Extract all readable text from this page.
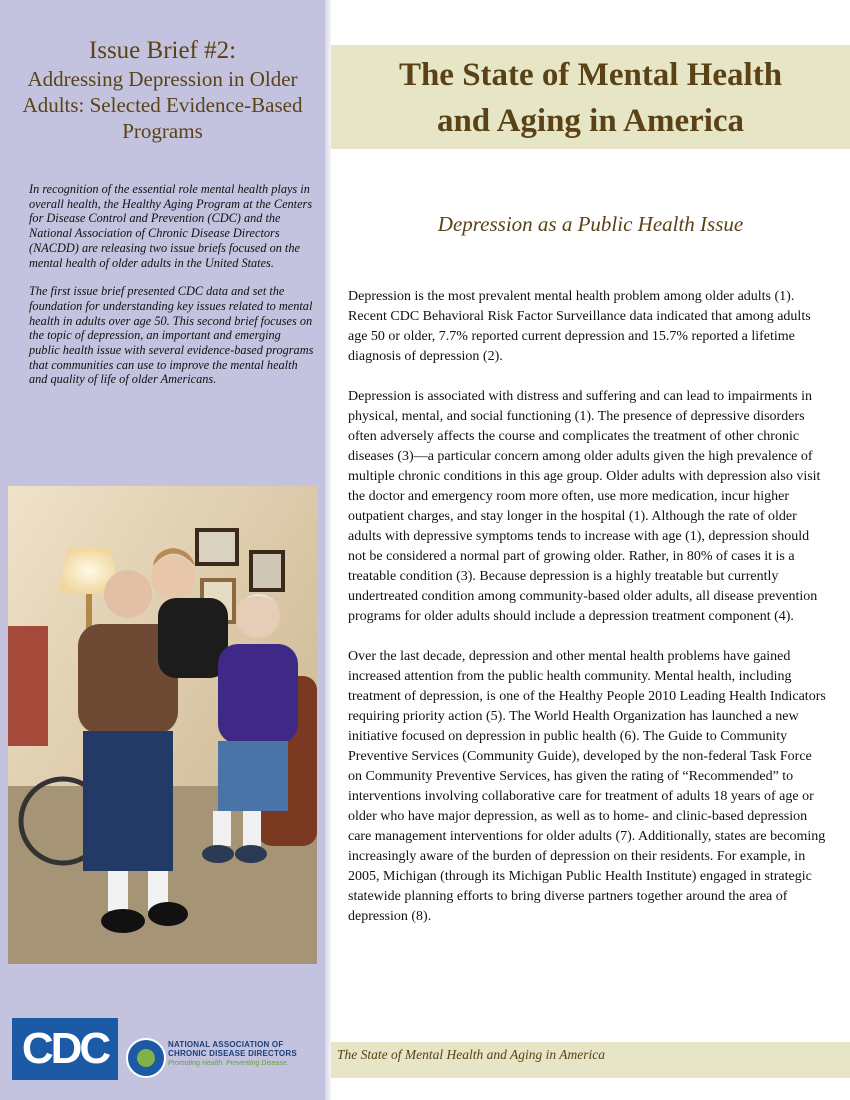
Issue Brief #2:
Addressing Depression in Older Adults: Selected Evidence-Based Programs

In recognition of the essential role mental health plays in overall health, the Healthy Aging Program at the Centers for Disease Control and Prevention (CDC) and the National Association of Chronic Disease Directors (NACDD) are releasing two issue briefs focused on the mental health of older adults in the United States.

The first issue brief presented CDC data and set the foundation for understanding key issues related to mental health in adults over age 50. This second brief focuses on the topic of depression, an important and emerging public health issue with several evidence-based programs that communities can use to improve the mental health and quality of life of older Americans.

CDC	NATIONAL ASSOCIATION OF
CHRONIC DISEASE DIRECTORS
Promoting Health. Preventing Disease.
The State of Mental Health
and Aging in America
Depression as a Public Health Issue

Depression is the most prevalent mental health problem among older adults (1). Recent CDC Behavioral Risk Factor Surveillance data indicated that among adults age 50 or older, 7.7% reported current depression and 15.7% reported a lifetime diagnosis of depression (2).

Depression is associated with distress and suffering and can lead to impairments in physical, mental, and social functioning (1). The presence of depressive disorders often adversely affects the course and complicates the treatment of other chronic diseases (3)—a particular concern among older adults given the high prevalence of multiple chronic conditions in this age group. Older adults with depression also visit the doctor and emergency room more often, use more medication, incur higher outpatient charges, and stay longer in the hospital (1). Although the rate of older adults with depressive symptoms tends to increase with age (1), depression should not be considered a normal part of growing older. Rather, in 80% of cases it is a treatable condition (3). Because depression is a highly treatable but currently undertreated condition among community-based older adults, all disease prevention programs for older adults should include a depression treatment component (4).

Over the last decade, depression and other mental health problems have gained increased attention from the public health community. Mental health, including treatment of depression, is one of the Healthy People 2010 Leading Health Indicators requiring priority action (5). The World Health Organization has launched a new initiative focused on depression in public health (6). The Guide to Community Preventive Services (Community Guide), developed by the non-federal Task Force on Community Preventive Services, has given the rating of “Recommended” to interventions involving collaborative care for treatment of adults 18 years of age or older who have major depression, as well as to home- and clinic-based depression care management interventions for older adults (7). Additionally, states are becoming increasingly aware of the burden of depression on their residents. For example, in 2005, Michigan (through its Michigan Public Health Institute) engaged in strategic statewide planning efforts to bring diverse partners together around the area of depression (8).

The State of Mental Health and Aging in America
